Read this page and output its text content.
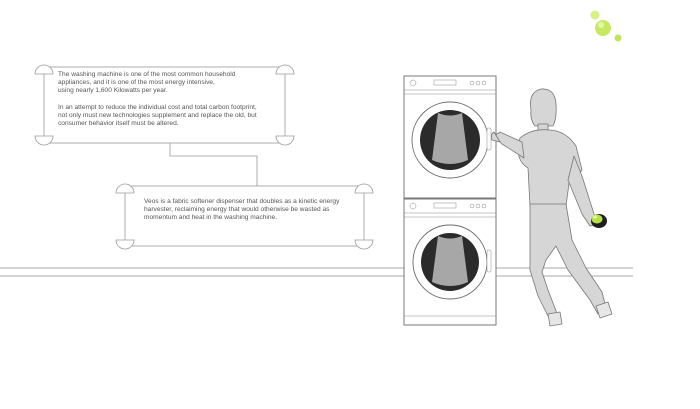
The washing machine is one of the most common household
appliances, and it is one of the most energy intensive,
using nearly 1,600 Kilowatts per year.

In an attempt to reduce the individual cost and total carbon footprint,
not only must new technologies supplement and replace the old, but
consumer behavior itself must be altered.

Veos is a fabric softener dispenser that doubles as a kinetic energy
harvester, reclaiming energy that would otherwise be wasted as
momentum and heat in the washing machine.
